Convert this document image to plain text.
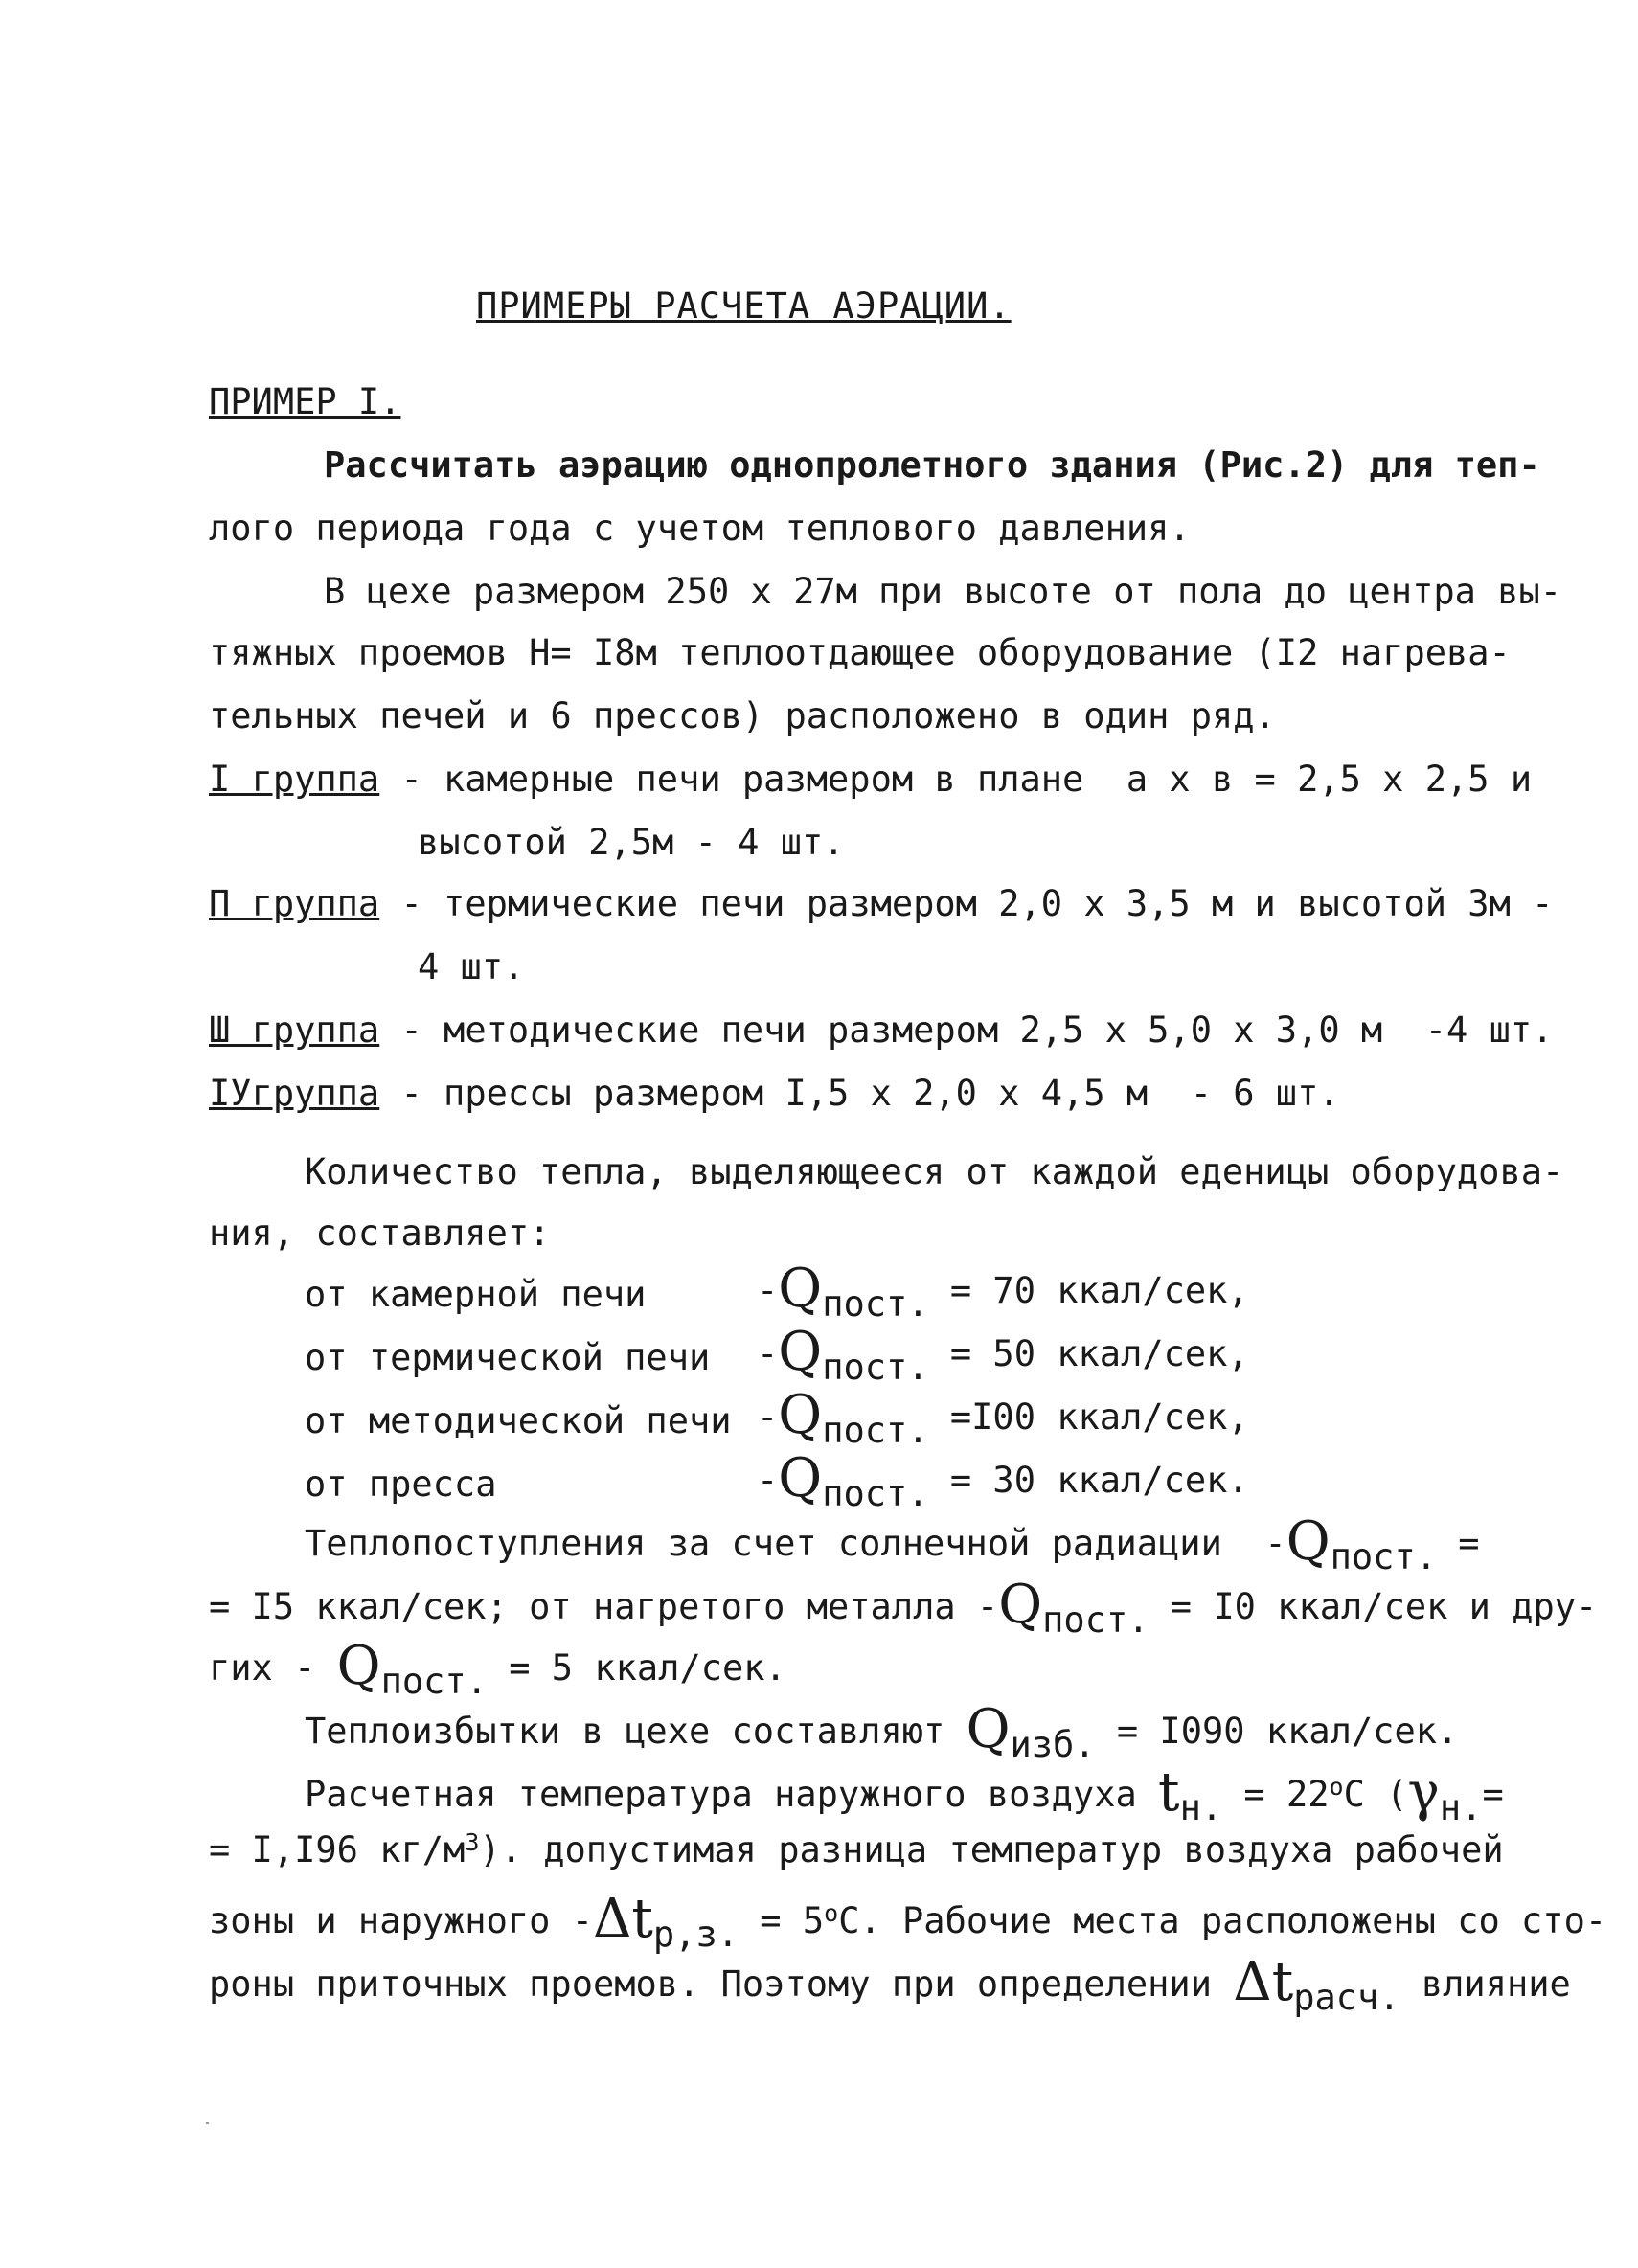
ПРИМЕРЫ РАСЧЕТА АЭРАЦИИ.
ПРИМЕР I.
Рассчитать аэрацию однопролетного здания (Рис.2) для теп-
лого периода года с учетом теплового давления.
В цехе размером 250 х 27м при высоте от пола до центра вы-
тяжных проемов Н= I8м теплоотдающее оборудование (I2 нагрева-
тельных печей и 6 прессов) расположено в один ряд.
I группа - камерные печи размером в плане  а х в = 2,5 х 2,5 и
высотой 2,5м - 4 шт.
П группа - термические печи размером 2,0 х 3,5 м и высотой 3м -
4 шт.
Ш группа - методические печи размером 2,5 х 5,0 х 3,0 м  -4 шт.
IУгруппа - прессы размером I,5 х 2,0 х 4,5 м  - 6 шт.
Количество тепла, выделяющееся от каждой еденицы оборудова-
ния, составляет:
от камерной печи	$-Q_{пост.} = 70$ ккал/сек,
от термической печи $-Q_{пост.} = 50$ ккал/сек,
от методической печи $-Q_{пост.} =I00$ ккал/сек,
от пресса	$-Q_{пост.} = 30$ ккал/сек.
Теплопоступления за счет солнечной радиации  $-Q_{пост.}$ =
= I5 ккал/сек; от нагретого металла $-Q_{пост.} = I0$ ккал/сек и дру-
гих - $Q_{пост.} = 5$ ккал/сек.
Теплоизбытки в цехе составляют $Q_{изб.} = I090$ ккал/сек.
Расчетная температура наружного воздуха $t_{н.} = 22^оС$ ($\gamma_{н.}=$
= I,I96 $кг/м^3$). допустимая разница температур воздуха рабочей
зоны и наружного $-\Delta t_{р,з.} = 5^оС$. Рабочие места расположены со сто-
роны приточных проемов. Поэтому при определении $\Delta t_{расч.}$ влияние
